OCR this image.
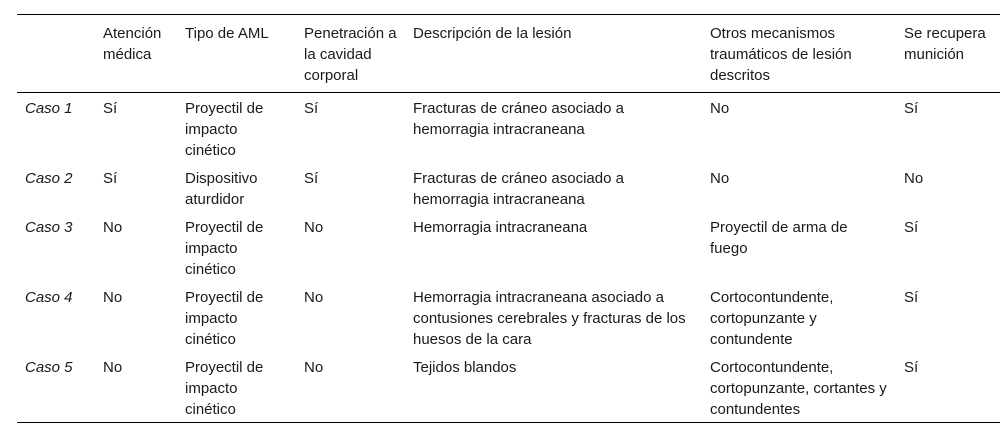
	Atención médica	Tipo de AML	Penetración a la cavidad corporal	Descripción de la lesión	Otros mecanismos traumáticos de lesión descritos	Se recupera munición
Caso 1	Sí	Proyectil de impacto cinético	Sí	Fracturas de cráneo asociado a hemorragia intracraneana	No	Sí
Caso 2	Sí	Dispositivo aturdidor	Sí	Fracturas de cráneo asociado a hemorragia intracraneana	No	No
Caso 3	No	Proyectil de impacto cinético	No	Hemorragia intracraneana	Proyectil de arma de fuego	Sí
Caso 4	No	Proyectil de impacto cinético	No	Hemorragia intracraneana asociado a contusiones cerebrales y fracturas de los huesos de la cara	Cortocontundente, cortopunzante y contundente	Sí
Caso 5	No	Proyectil de impacto cinético	No	Tejidos blandos	Cortocontundente, cortopunzante, cortantes y contundentes	Sí
